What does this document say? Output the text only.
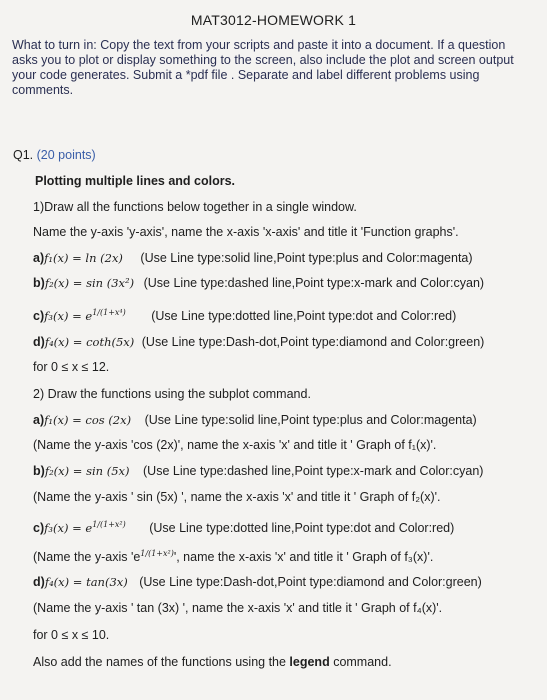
MAT3012-HOMEWORK 1

What to turn in: Copy the text from your scripts and paste it into a document. If a question asks you to plot or display something to the screen, also include the plot and screen output your code generates. Submit a *pdf file . Separate and label different problems using comments.

Q1. (20 points)
Plotting multiple lines and colors.
1)Draw all the functions below together in a single window.
Name the y-axis 'y-axis', name the x-axis 'x-axis' and title it 'Function graphs'.
a)f₁(x) = ln (2x) (Use Line type:solid line,Point type:plus and Color:magenta)
b)f₂(x) = sin (3x²) (Use Line type:dashed line,Point type:x-mark and Color:cyan)
$c)f_3(x) = e^{1/(1+x^4)}$ (Use Line type:dotted line,Point type:dot and Color:red)
d)f₄(x) = coth(5x) (Use Line type:Dash-dot,Point type:diamond and Color:green)
for 0 ≤ x ≤ 12.
2) Draw the functions using the subplot command.
a)f₁(x) = cos (2x) (Use Line type:solid line,Point type:plus and Color:magenta)
(Name the y-axis 'cos (2x)', name the x-axis 'x' and title it ' Graph of f₁(x)'.
b)f₂(x) = sin (5x) (Use Line type:dashed line,Point type:x-mark and Color:cyan)
(Name the y-axis ' sin (5x) ', name the x-axis 'x' and title it ' Graph of f₂(x)'.
$c)f_3(x) = e^{1/(1+x^2)}$ (Use Line type:dotted line,Point type:dot and Color:red)
(Name the y-axis '$e^{1/(1+x^2)}$', name the x-axis 'x' and title it ' Graph of f₃(x)'.
d)f₄(x) = tan(3x) (Use Line type:Dash-dot,Point type:diamond and Color:green)
(Name the y-axis ' tan (3x) ', name the x-axis 'x' and title it ' Graph of f₄(x)'.
for 0 ≤ x ≤ 10.
Also add the names of the functions using the legend command.
